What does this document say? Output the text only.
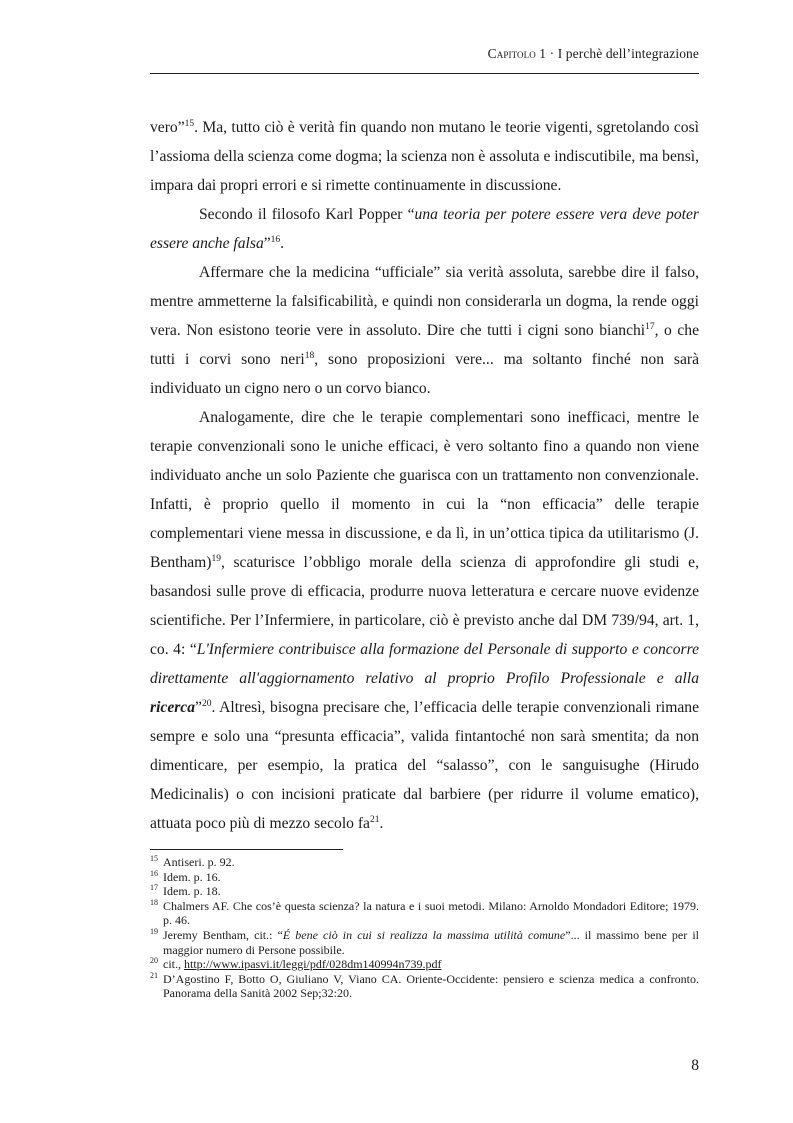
Capitolo 1 · I perchè dell’integrazione

vero”$^{15}$. Ma, tutto ciò è verità fin quando non mutano le teorie vigenti, sgretolando così l’assioma della scienza come dogma; la scienza non è assoluta e indiscutibile, ma bensì, impara dai propri errori e si rimette continuamente in discussione.

Secondo il filosofo Karl Popper “una teoria per potere essere vera deve poter essere anche falsa”$^{16}$.

Affermare che la medicina “ufficiale” sia verità assoluta, sarebbe dire il falso, mentre ammetterne la falsificabilità, e quindi non considerarla un dogma, la rende oggi vera. Non esistono teorie vere in assoluto. Dire che tutti i cigni sono bianchi$^{17}$, o che tutti i corvi sono neri$^{18}$, sono proposizioni vere... ma soltanto finché non sarà individuato un cigno nero o un corvo bianco.

Analogamente, dire che le terapie complementari sono inefficaci, mentre le terapie convenzionali sono le uniche efficaci, è vero soltanto fino a quando non viene individuato anche un solo Paziente che guarisca con un trattamento non convenzionale. Infatti, è proprio quello il momento in cui la “non efficacia” delle terapie complementari viene messa in discussione, e da lì, in un’ottica tipica da utilitarismo (J. Bentham)$^{19}$, scaturisce l’obbligo morale della scienza di approfondire gli studi e, basandosi sulle prove di efficacia, produrre nuova letteratura e cercare nuove evidenze scientifiche. Per l’Infermiere, in particolare, ciò è previsto anche dal DM 739/94, art. 1, co. 4: “L'Infermiere contribuisce alla formazione del Personale di supporto e concorre direttamente all'aggiornamento relativo al proprio Profilo Professionale e alla ricerca”$^{20}$. Altresì, bisogna precisare che, l’efficacia delle terapie convenzionali rimane sempre e solo una “presunta efficacia”, valida fintantoché non sarà smentita; da non dimenticare, per esempio, la pratica del “salasso”, con le sanguisughe (Hirudo Medicinalis) o con incisioni praticate dal barbiere (per ridurre il volume ematico), attuata poco più di mezzo secolo $fa^{21}$.

15 Antiseri. p. 92.
16 Idem. p. 16.
17 Idem. p. 18.
18 Chalmers AF. Che cos’è questa scienza? la natura e i suoi metodi. Milano: Arnoldo Mondadori Editore; 1979. p. 46.
19 Jeremy Bentham, cit.: “É bene ciò in cui si realizza la massima utilità comune”... il massimo bene per il maggior numero di Persone possibile.
20 cit., http://www.ipasvi.it/leggi/pdf/028dm140994n739.pdf
21 D’Agostino F, Botto O, Giuliano V, Viano CA. Oriente-Occidente: pensiero e scienza medica a confronto. Panorama della Sanità 2002 Sep;32:20.
8
